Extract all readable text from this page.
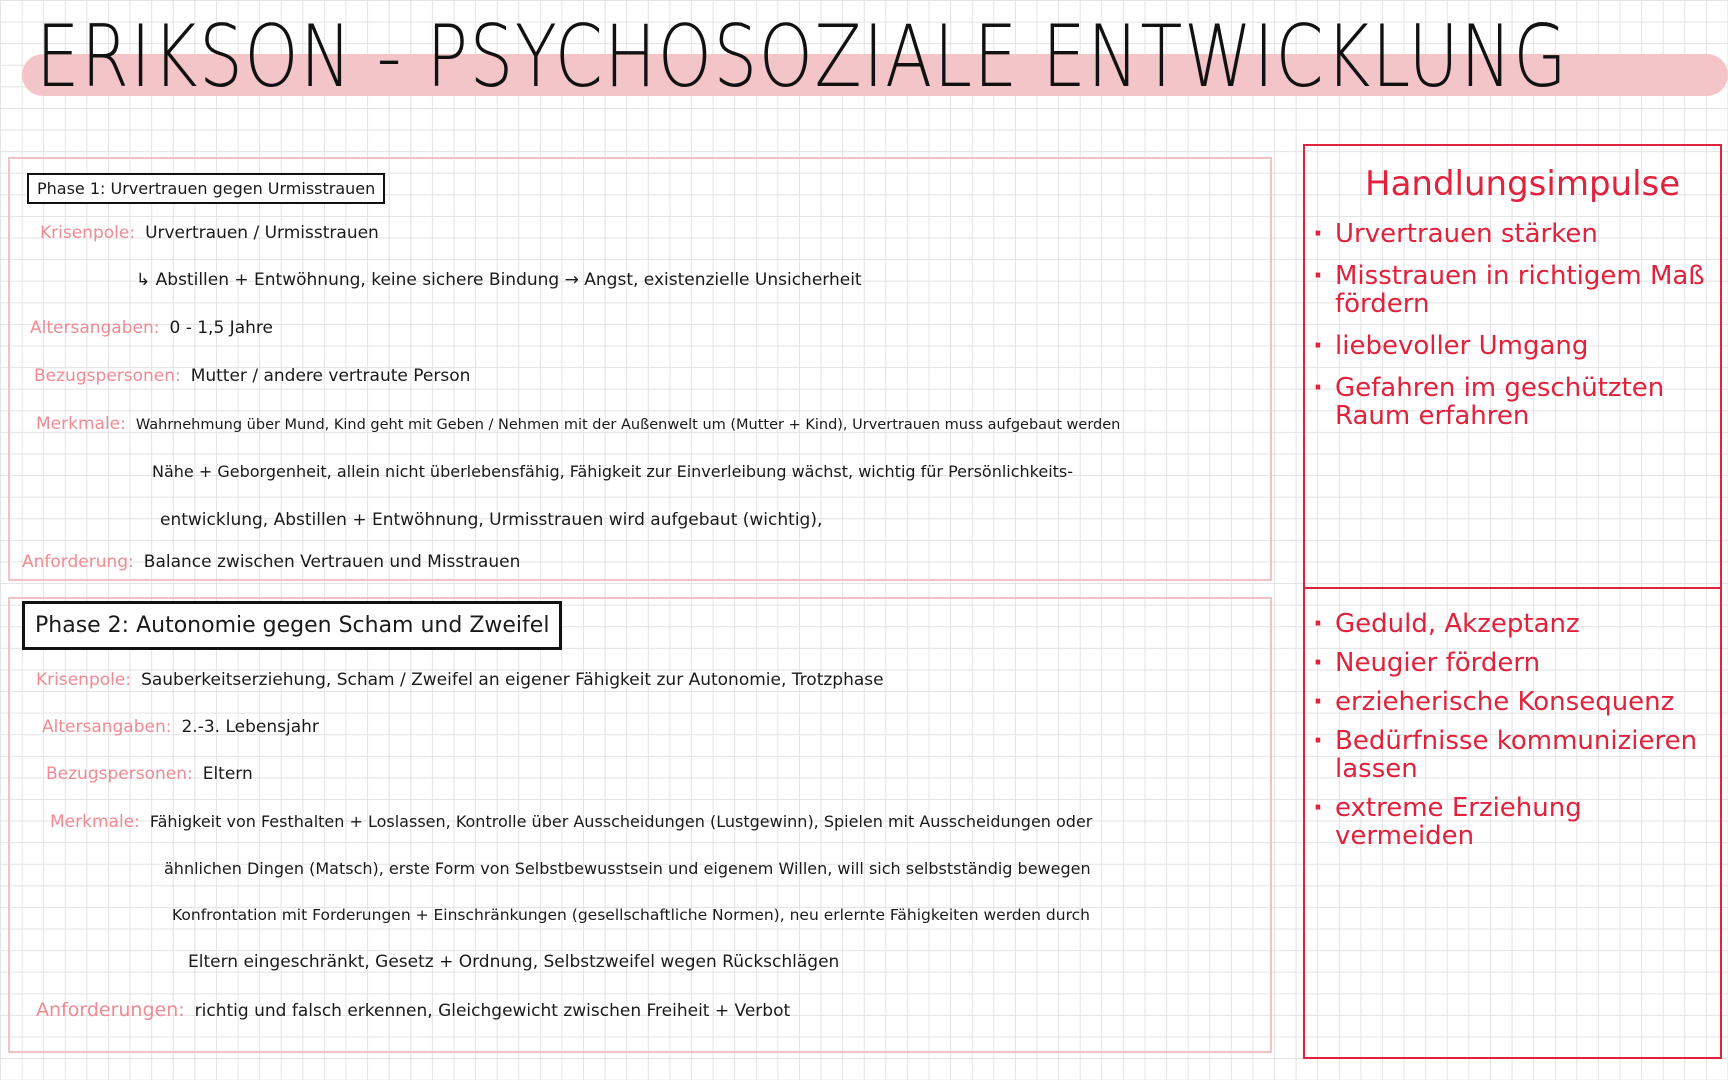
ERIKSON - PSYCHOSOZIALE ENTWICKLUNG
Phase 1: Urvertrauen gegen Urmisstrauen
Krisenpole: Urvertrauen / Urmisstrauen
↳ Abstillen + Entwöhnung, keine sichere Bindung → Angst, existenzielle Unsicherheit
Altersangaben: 0 - 1,5 Jahre
Bezugspersonen: Mutter / andere vertraute Person
Merkmale: Wahrnehmung über Mund, Kind geht mit Geben / Nehmen mit der Außenwelt um (Mutter + Kind), Urvertrauen muss aufgebaut werden
Nähe + Geborgenheit, allein nicht überlebensfähig, Fähigkeit zur Einverleibung wächst, wichtig für Persönlichkeits-
entwicklung, Abstillen + Entwöhnung, Urmisstrauen wird aufgebaut (wichtig),
Anforderung: Balance zwischen Vertrauen und Misstrauen
Phase 2: Autonomie gegen Scham und Zweifel
Krisenpole: Sauberkeitserziehung, Scham / Zweifel an eigener Fähigkeit zur Autonomie, Trotzphase
Altersangaben: 2.-3. Lebensjahr
Bezugspersonen: Eltern
Merkmale: Fähigkeit von Festhalten + Loslassen, Kontrolle über Ausscheidungen (Lustgewinn), Spielen mit Ausscheidungen oder
ähnlichen Dingen (Matsch), erste Form von Selbstbewusstsein und eigenem Willen, will sich selbstständig bewegen
Konfrontation mit Forderungen + Einschränkungen (gesellschaftliche Normen), neu erlernte Fähigkeiten werden durch
Eltern eingeschränkt, Gesetz + Ordnung, Selbstzweifel wegen Rückschlägen
Anforderungen: richtig und falsch erkennen, Gleichgewicht zwischen Freiheit + Verbot
Handlungsimpulse
· Urvertrauen stärken
· Misstrauen in richtigem Maß fördern
· liebevoller Umgang
· Gefahren im geschützten Raum erfahren
· Geduld, Akzeptanz
· Neugier fördern
· erzieherische Konsequenz
· Bedürfnisse kommunizieren lassen
· extreme Erziehung vermeiden
